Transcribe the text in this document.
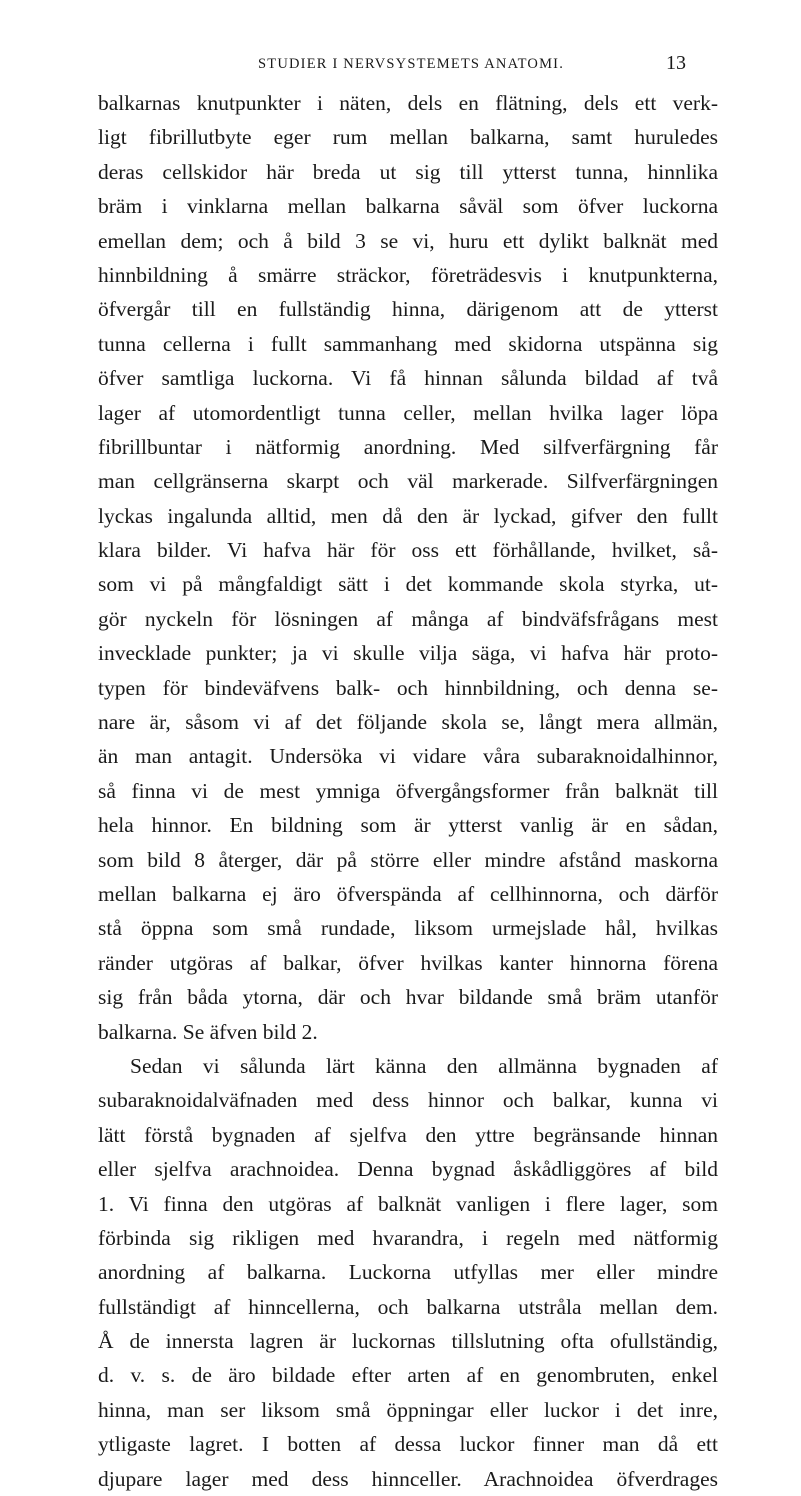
STUDIER I NERVSYSTEMETS ANATOMI.	13
balkarnas knutpunkter i näten, dels en flätning, dels ett verk-
ligt fibrillutbyte eger rum mellan balkarna, samt huruledes
deras cellskidor här breda ut sig till ytterst tunna, hinnlika
bräm i vinklarna mellan balkarna såväl som öfver luckorna
emellan dem; och å bild 3 se vi, huru ett dylikt balknät med
hinnbildning å smärre sträckor, företrädesvis i knutpunkterna,
öfvergår till en fullständig hinna, därigenom att de ytterst
tunna cellerna i fullt sammanhang med skidorna utspänna sig
öfver samtliga luckorna. Vi få hinnan sålunda bildad af två
lager af utomordentligt tunna celler, mellan hvilka lager löpa
fibrillbuntar i nätformig anordning. Med silfverfärgning får
man cellgränserna skarpt och väl markerade. Silfverfärgningen
lyckas ingalunda alltid, men då den är lyckad, gifver den fullt
klara bilder. Vi hafva här för oss ett förhållande, hvilket, så-
som vi på mångfaldigt sätt i det kommande skola styrka, ut-
gör nyckeln för lösningen af många af bindväfsfrågans mest
invecklade punkter; ja vi skulle vilja säga, vi hafva här proto-
typen för bindeväfvens balk- och hinnbildning, och denna se-
nare är, såsom vi af det följande skola se, långt mera allmän,
än man antagit. Undersöka vi vidare våra subaraknoidalhinnor,
så finna vi de mest ymniga öfvergångsformer från balknät till
hela hinnor. En bildning som är ytterst vanlig är en sådan,
som bild 8 återger, där på större eller mindre afstånd maskorna
mellan balkarna ej äro öfverspända af cellhinnorna, och därför
stå öppna som små rundade, liksom urmejslade hål, hvilkas
ränder utgöras af balkar, öfver hvilkas kanter hinnorna förena
sig från båda ytorna, där och hvar bildande små bräm utanför
balkarna. Se äfven bild 2.
Sedan vi sålunda lärt känna den allmänna bygnaden af
subaraknoidalväfnaden med dess hinnor och balkar, kunna vi
lätt förstå bygnaden af sjelfva den yttre begränsande hinnan
eller sjelfva arachnoidea. Denna bygnad åskådliggöres af bild
1. Vi finna den utgöras af balknät vanligen i flere lager, som
förbinda sig rikligen med hvarandra, i regeln med nätformig
anordning af balkarna. Luckorna utfyllas mer eller mindre
fullständigt af hinncellerna, och balkarna utstråla mellan dem.
Å de innersta lagren är luckornas tillslutning ofta ofullständig,
d. v. s. de äro bildade efter arten af en genombruten, enkel
hinna, man ser liksom små öppningar eller luckor i det inre,
ytligaste lagret. I botten af dessa luckor finner man då ett
djupare lager med dess hinnceller. Arachnoidea öfverdrages
